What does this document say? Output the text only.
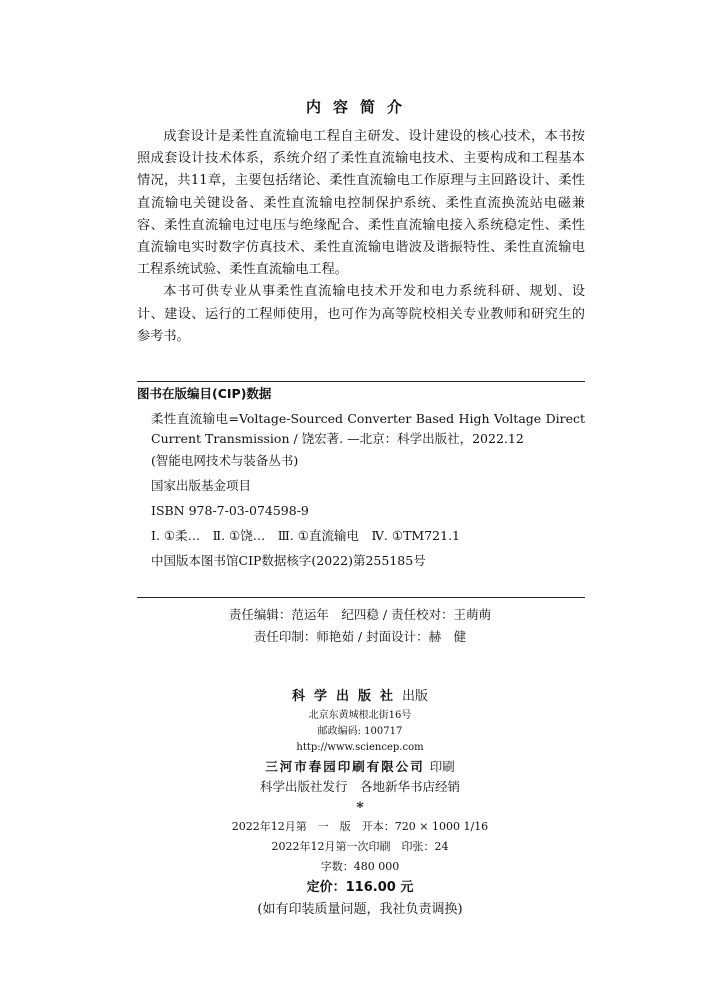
内容简介

成套设计是柔性直流输电工程自主研发、设计建设的核心技术，本书按照成套设计技术体系，系统介绍了柔性直流输电技术、主要构成和工程基本情况，共11章，主要包括绪论、柔性直流输电工作原理与主回路设计、柔性直流输电关键设备、柔性直流输电控制保护系统、柔性直流换流站电磁兼容、柔性直流输电过电压与绝缘配合、柔性直流输电接入系统稳定性、柔性直流输电实时数字仿真技术、柔性直流输电谐波及谐振特性、柔性直流输电工程系统试验、柔性直流输电工程。

本书可供专业从事柔性直流输电技术开发和电力系统科研、规划、设计、建设、运行的工程师使用，也可作为高等院校相关专业教师和研究生的参考书。

图书在版编目(CIP)数据
柔性直流输电=Voltage-Sourced Converter Based High Voltage Direct Current Transmission / 饶宏著. —北京：科学出版社，2022.12
(智能电网技术与装备丛书)
国家出版基金项目
ISBN 978-7-03-074598-9
Ⅰ. ①柔…　Ⅱ. ①饶…　Ⅲ. ①直流输电　Ⅳ. ①TM721.1
中国版本图书馆CIP数据核字(2022)第255185号
责任编辑：范运年　纪四稳 / 责任校对：王萌萌
责任印制：师艳茹 / 封面设计：赫　健
科学出版社出版
北京东黄城根北街16号
邮政编码: 100717
http://www.sciencep.com
三河市春园印刷有限公司 印刷
科学出版社发行　各地新华书店经销
*
2022年12月第　一　版　开本：720 × 1000 1/16
2022年12月第一次印刷　印张：24
字数：480 000
定价：116.00 元
(如有印装质量问题，我社负责调换)
